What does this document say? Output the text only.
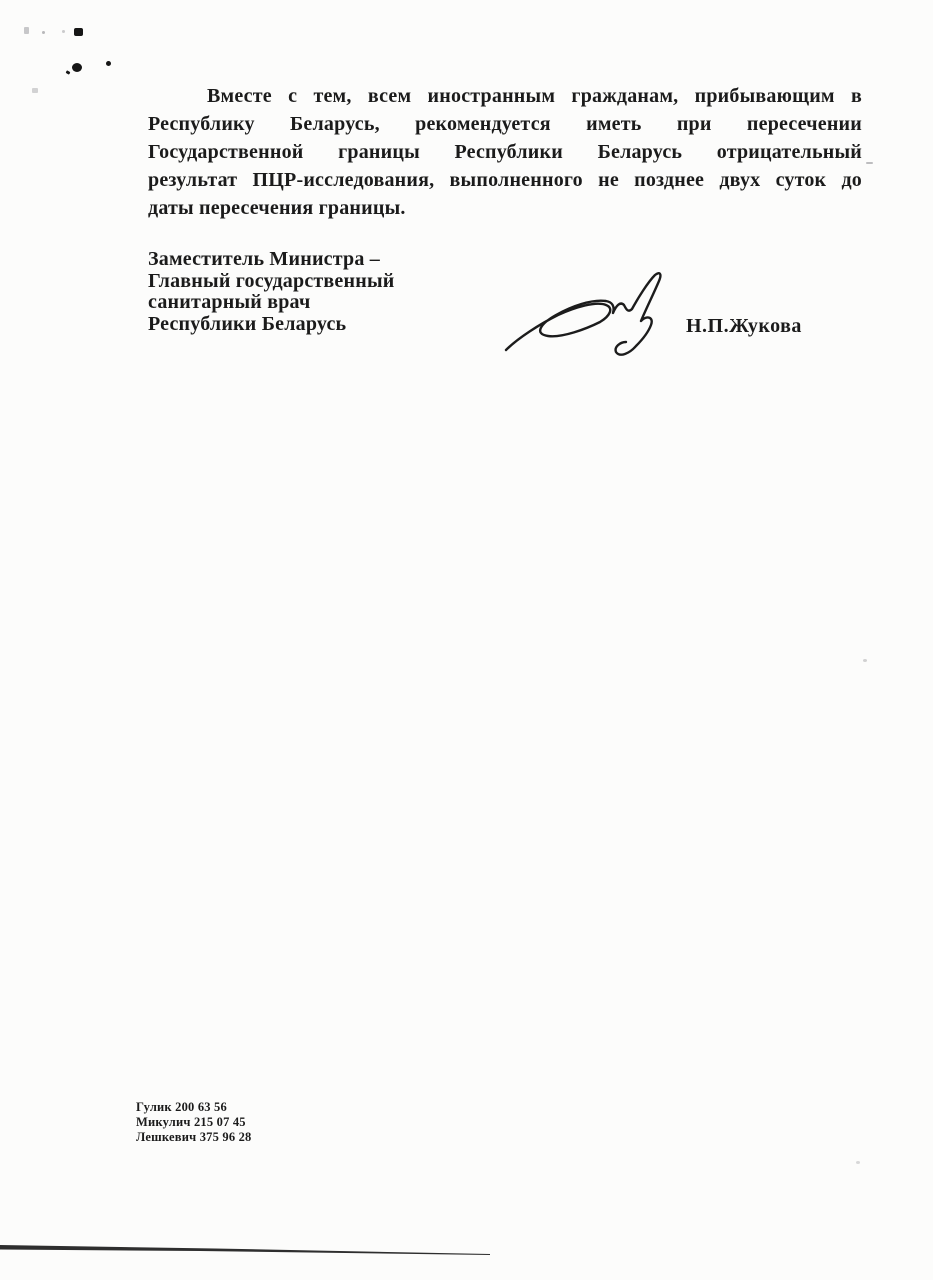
Вместе с тем, всем иностранным гражданам, прибывающим в
Республику Беларусь, рекомендуется иметь при пересечении
Государственной границы Республики Беларусь отрицательный
результат ПЦР-исследования, выполненного не позднее двух суток до
даты пересечения границы.
Заместитель Министра –
Главный государственный
санитарный врач
Республики Беларусь	Н.П.Жукова
Гулик 200 63 56
Микулич 215 07 45
Лешкевич 375 96 28
